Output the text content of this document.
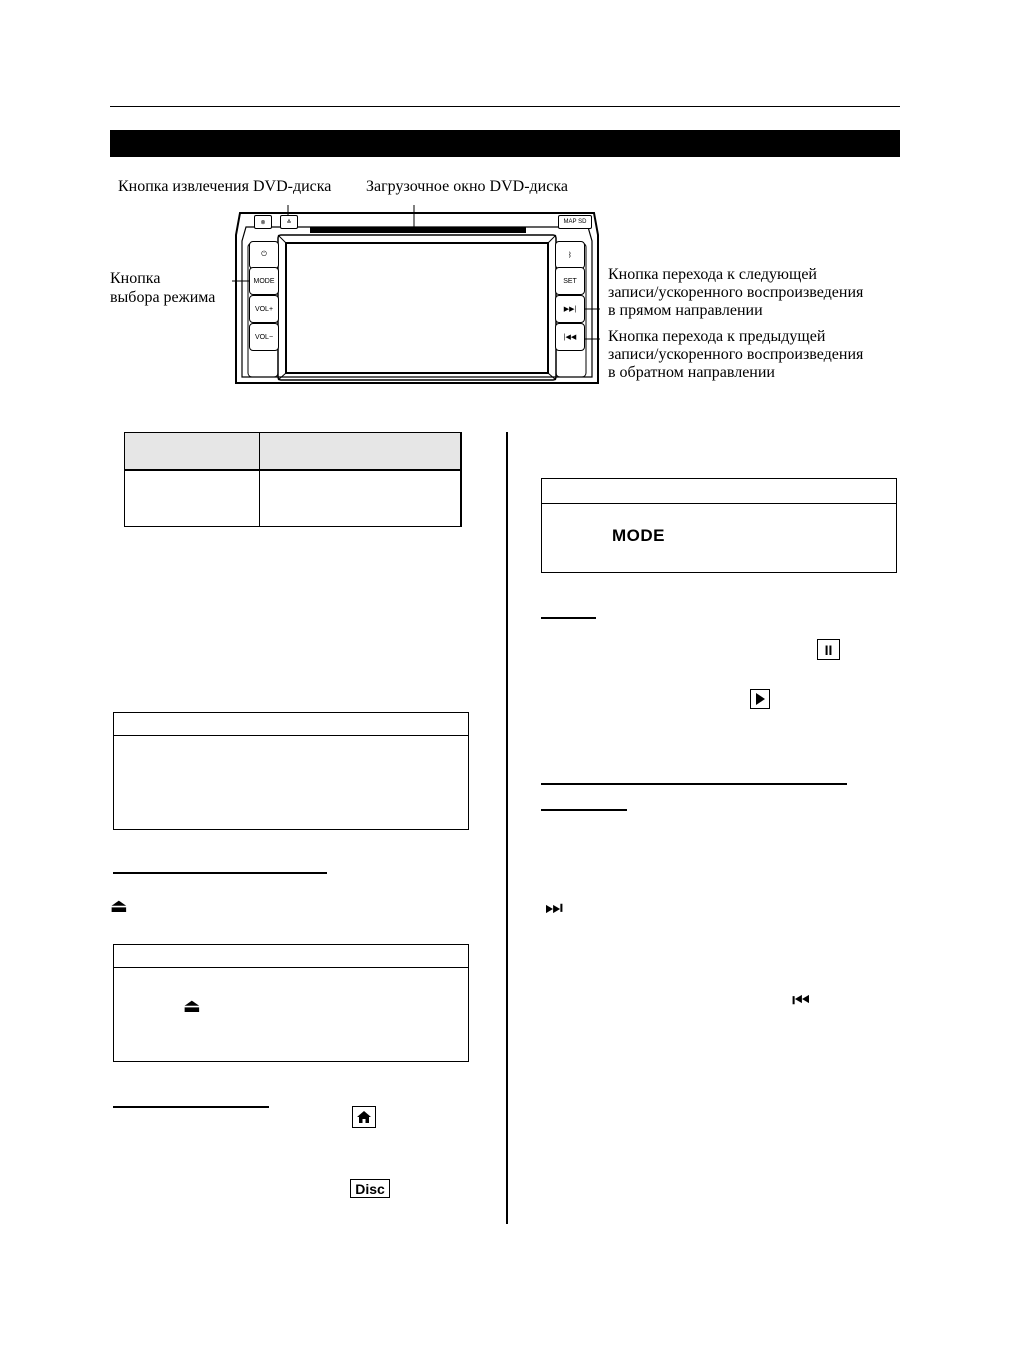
Кнопка извлечения DVD-диска Загрузочное окно DVD-диска
Кнопка
выбора режима
Кнопка перехода к следующей
записи/ускоренного воспроизведения
в прямом направлении
Кнопка перехода к предыдущей
записи/ускоренного воспроизведения
в обратном направлении
⊗	≜	MAP SD
⏻
MODE
VOL+
VOL−
ᛒ
SET
▶▶|
|◀◀
⏏
⏏
Disc
MODE
II
⏭
⏮
